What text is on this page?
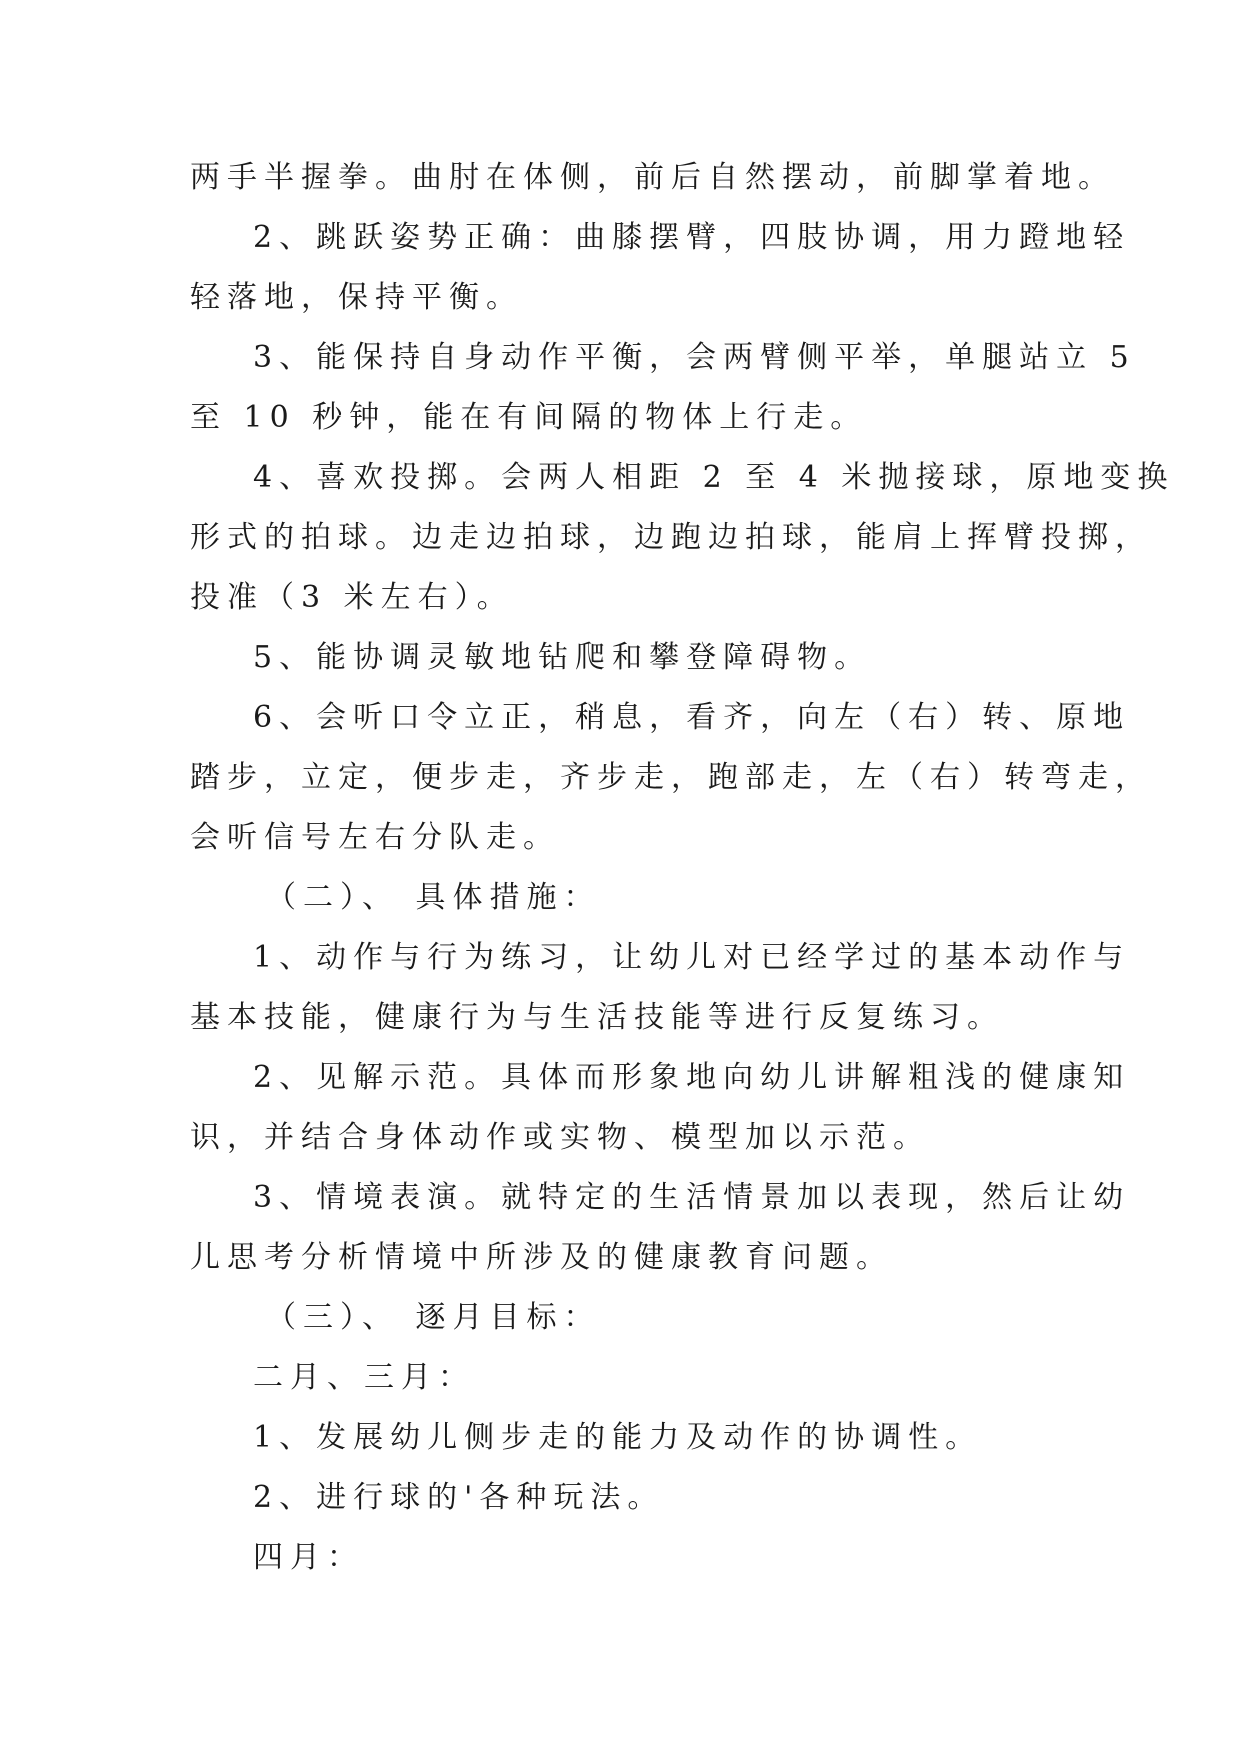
两手半握拳。曲肘在体侧，前后自然摆动，前脚掌着地。

2、跳跃姿势正确：曲膝摆臂，四肢协调，用力蹬地轻

轻落地，保持平衡。

3、能保持自身动作平衡，会两臂侧平举，单腿站立 5

至 10 秒钟，能在有间隔的物体上行走。

4、喜欢投掷。会两人相距 2 至 4 米抛接球，原地变换

形式的拍球。边走边拍球，边跑边拍球，能肩上挥臂投掷，

投准（3 米左右）。

5、能协调灵敏地钻爬和攀登障碍物。

6、会听口令立正，稍息，看齐，向左（右）转、原地

踏步，立定，便步走，齐步走，跑部走，左（右）转弯走，

会听信号左右分队走。

（二）、 具体措施：

1、动作与行为练习，让幼儿对已经学过的基本动作与

基本技能，健康行为与生活技能等进行反复练习。

2、见解示范。具体而形象地向幼儿讲解粗浅的健康知

识，并结合身体动作或实物、模型加以示范。

3、情境表演。就特定的生活情景加以表现，然后让幼

儿思考分析情境中所涉及的健康教育问题。

（三）、 逐月目标：

二月、三月：

1、发展幼儿侧步走的能力及动作的协调性。

2、进行球的'各种玩法。

四月：
